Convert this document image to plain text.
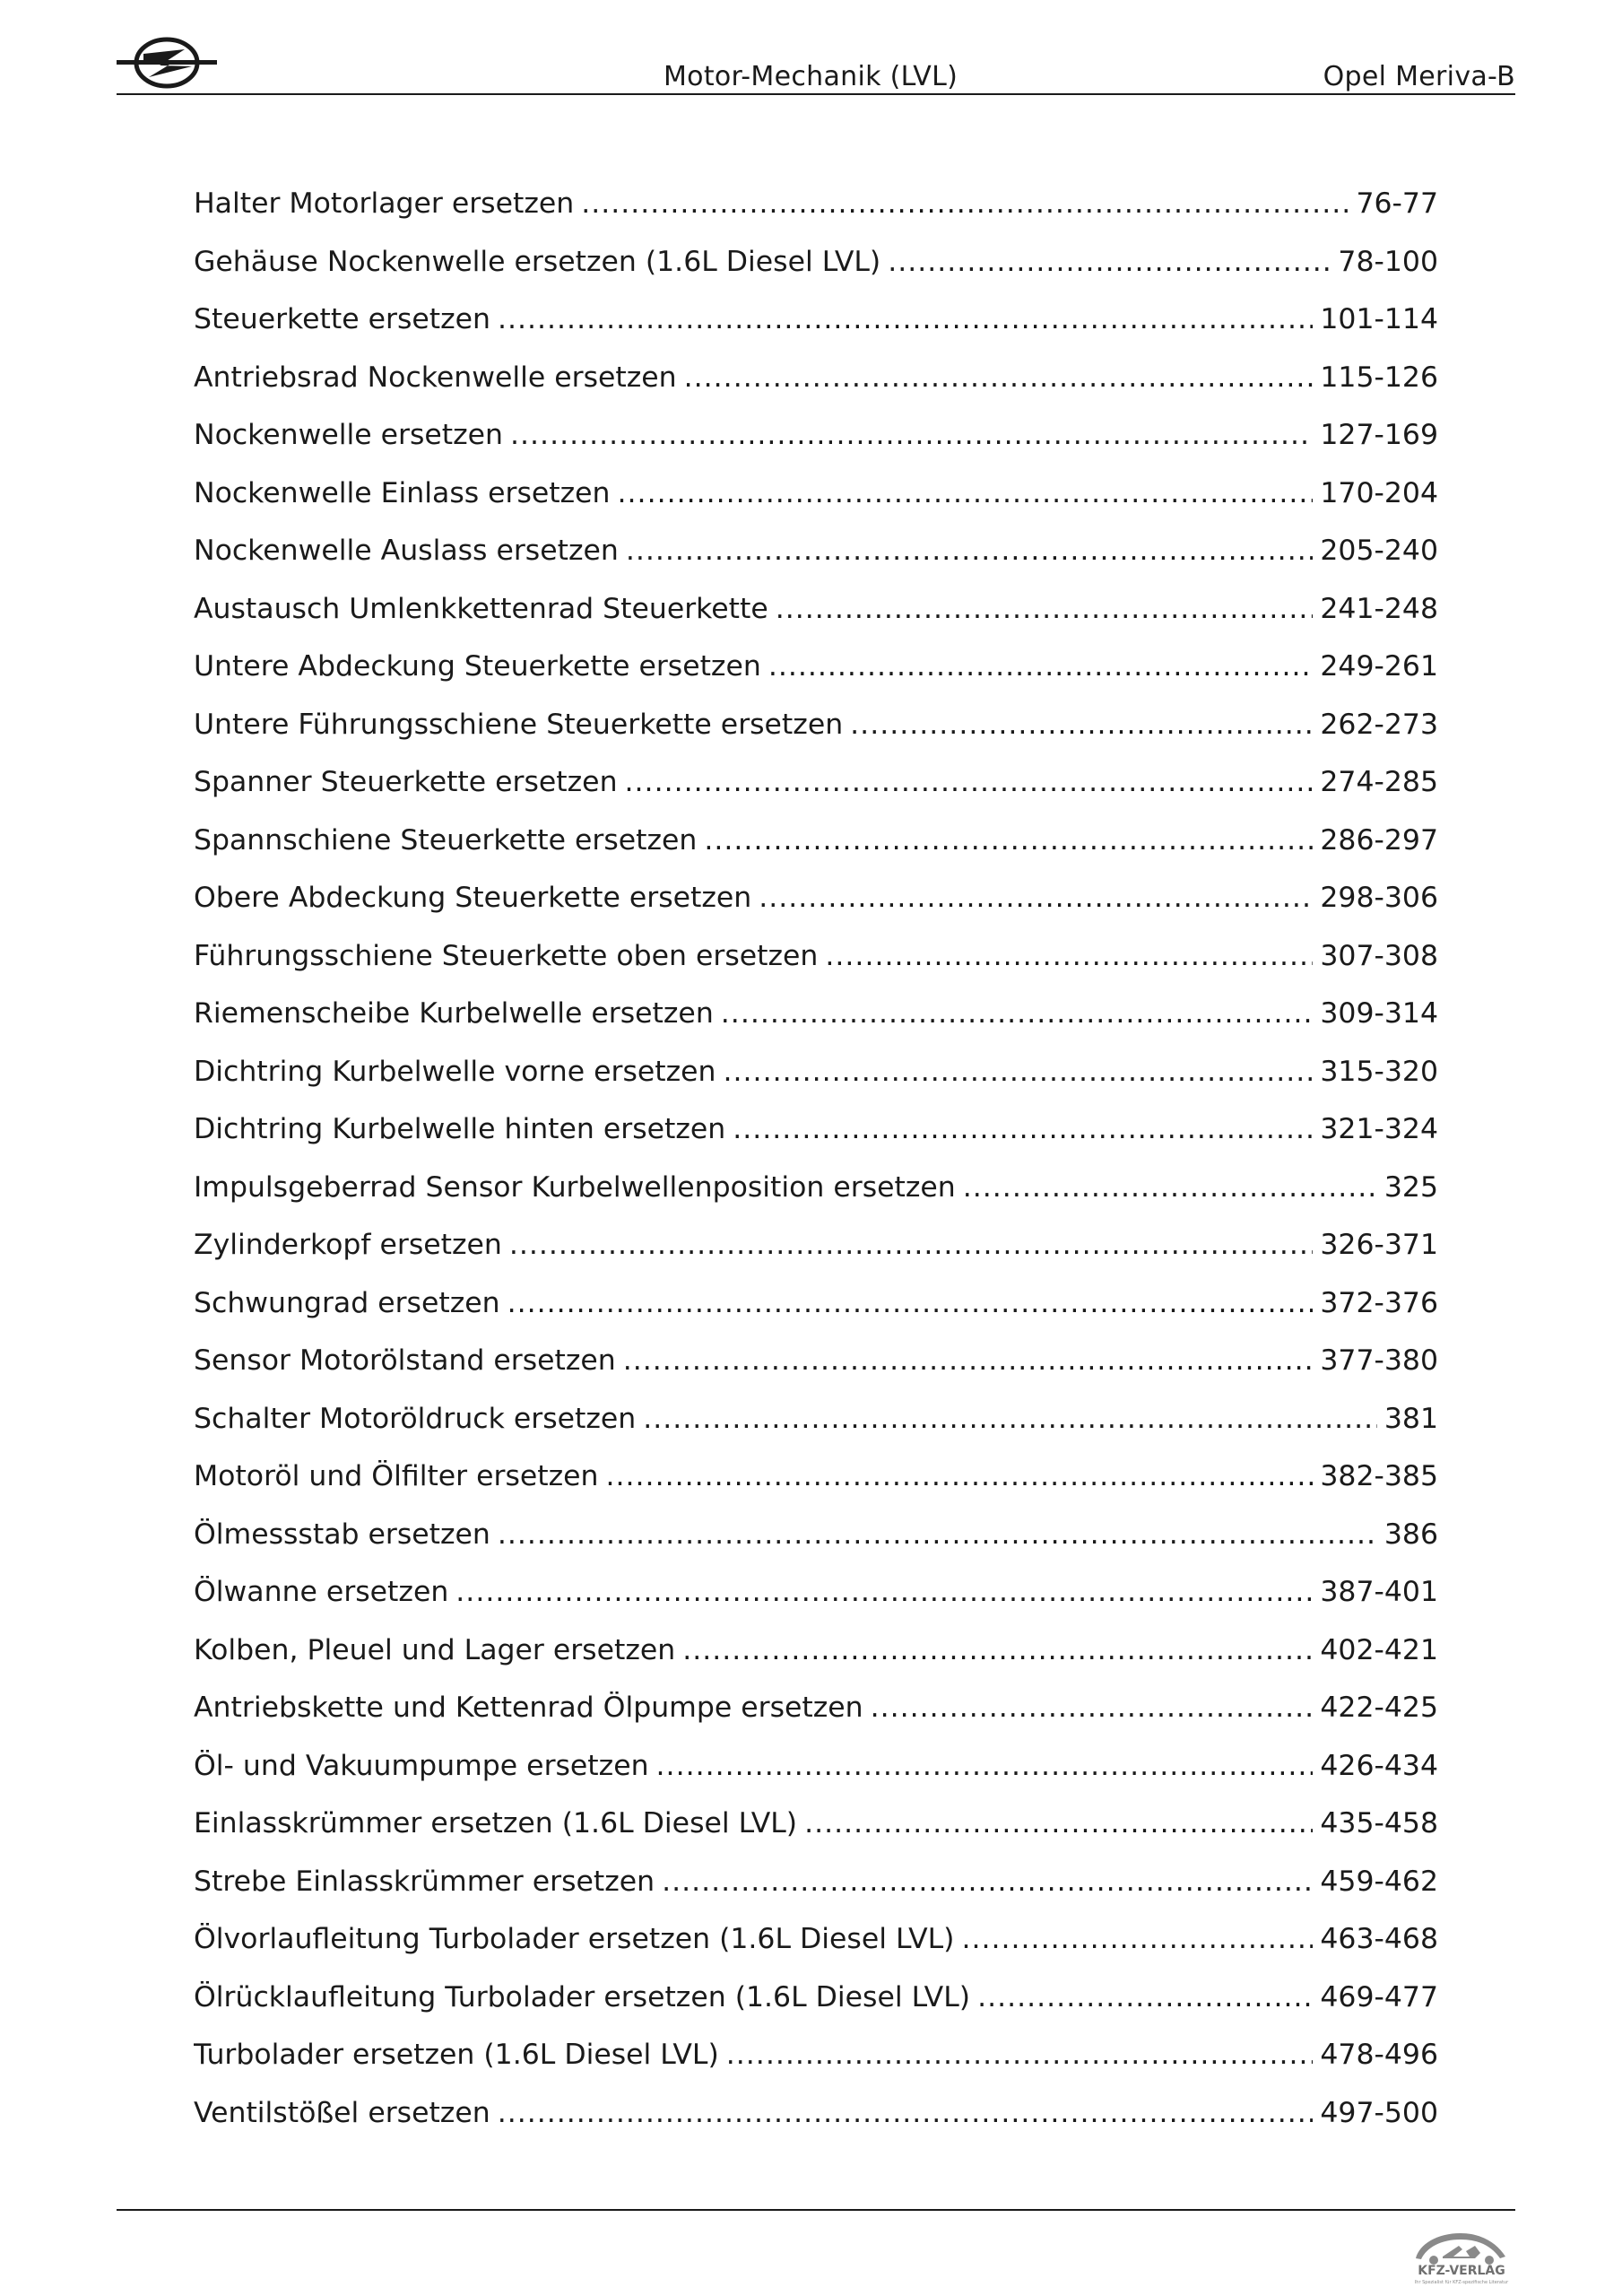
Motor-Mechanik (LVL)	Opel Meriva-B
Halter Motorlager ersetzen .....	76-77
Gehäuse Nockenwelle ersetzen (1.6L Diesel LVL) .....	78-100
Steuerkette ersetzen .....	101-114
Antriebsrad Nockenwelle ersetzen .....	115-126
Nockenwelle ersetzen .....	127-169
Nockenwelle Einlass ersetzen .....	170-204
Nockenwelle Auslass ersetzen .....	205-240
Austausch Umlenkkettenrad Steuerkette .....	241-248
Untere Abdeckung Steuerkette ersetzen .....	249-261
Untere Führungsschiene Steuerkette ersetzen .....	262-273
Spanner Steuerkette ersetzen .....	274-285
Spannschiene Steuerkette ersetzen .....	286-297
Obere Abdeckung Steuerkette ersetzen .....	298-306
Führungsschiene Steuerkette oben ersetzen .....	307-308
Riemenscheibe Kurbelwelle ersetzen .....	309-314
Dichtring Kurbelwelle vorne ersetzen .....	315-320
Dichtring Kurbelwelle hinten ersetzen .....	321-324
Impulsgeberrad Sensor Kurbelwellenposition ersetzen .....	325
Zylinderkopf ersetzen .....	326-371
Schwungrad ersetzen .....	372-376
Sensor Motorölstand ersetzen .....	377-380
Schalter Motoröldruck ersetzen .....	381
Motoröl und Ölfilter ersetzen .....	382-385
Ölmessstab ersetzen .....	386
Ölwanne ersetzen .....	387-401
Kolben, Pleuel und Lager ersetzen .....	402-421
Antriebskette und Kettenrad Ölpumpe ersetzen .....	422-425
Öl- und Vakuumpumpe ersetzen .....	426-434
Einlasskrümmer ersetzen (1.6L Diesel LVL) .....	435-458
Strebe Einlasskrümmer ersetzen .....	459-462
Ölvorlaufleitung Turbolader ersetzen (1.6L Diesel LVL) .....	463-468
Ölrücklaufleitung Turbolader ersetzen (1.6L Diesel LVL) .....	469-477
Turbolader ersetzen (1.6L Diesel LVL) .....	478-496
Ventilstößel ersetzen .....	497-500
KFZ-VERLAG
Ihr Spezialist für KFZ-spezifische Literatur
